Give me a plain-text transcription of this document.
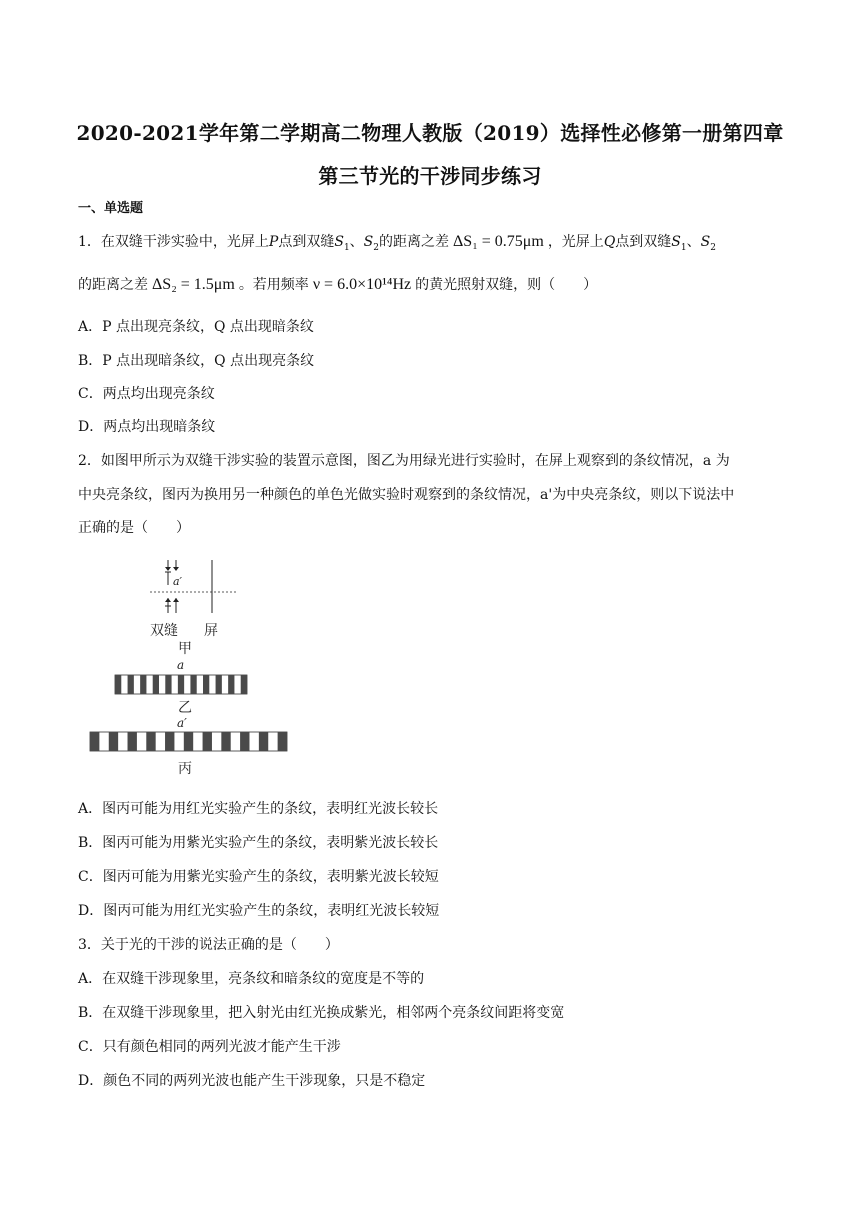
2020-2021学年第二学期高二物理人教版（2019）选择性必修第一册第四章
第三节光的干涉同步练习
一、单选题
1．在双缝干涉实验中，光屏上P点到双缝$S_1$、$S_2$的距离之差 ΔS₁ = 0.75μm ，光屏上Q点到双缝$S_1$、$S_2$
的距离之差 ΔS₂ = 1.5μm 。若用频率 ν = 6.0×10¹⁴Hz 的黄光照射双缝，则（　　）
A．P 点出现亮条纹，Q 点出现暗条纹
B．P 点出现暗条纹，Q 点出现亮条纹
C．两点均出现亮条纹
D．两点均出现暗条纹
2．如图甲所示为双缝干涉实验的装置示意图，图乙为用绿光进行实验时，在屏上观察到的条纹情况，a 为
中央亮条纹，图丙为换用另一种颜色的单色光做实验时观察到的条纹情况，a'为中央亮条纹，则以下说法中
正确的是（　　）
a′
双缝 屏
甲
a
乙
a′
丙
A．图丙可能为用红光实验产生的条纹，表明红光波长较长
B．图丙可能为用紫光实验产生的条纹，表明紫光波长较长
C．图丙可能为用紫光实验产生的条纹，表明紫光波长较短
D．图丙可能为用红光实验产生的条纹，表明红光波长较短
3．关于光的干涉的说法正确的是（　　）
A．在双缝干涉现象里，亮条纹和暗条纹的宽度是不等的
B．在双缝干涉现象里，把入射光由红光换成紫光，相邻两个亮条纹间距将变宽
C．只有颜色相同的两列光波才能产生干涉
D．颜色不同的两列光波也能产生干涉现象，只是不稳定
